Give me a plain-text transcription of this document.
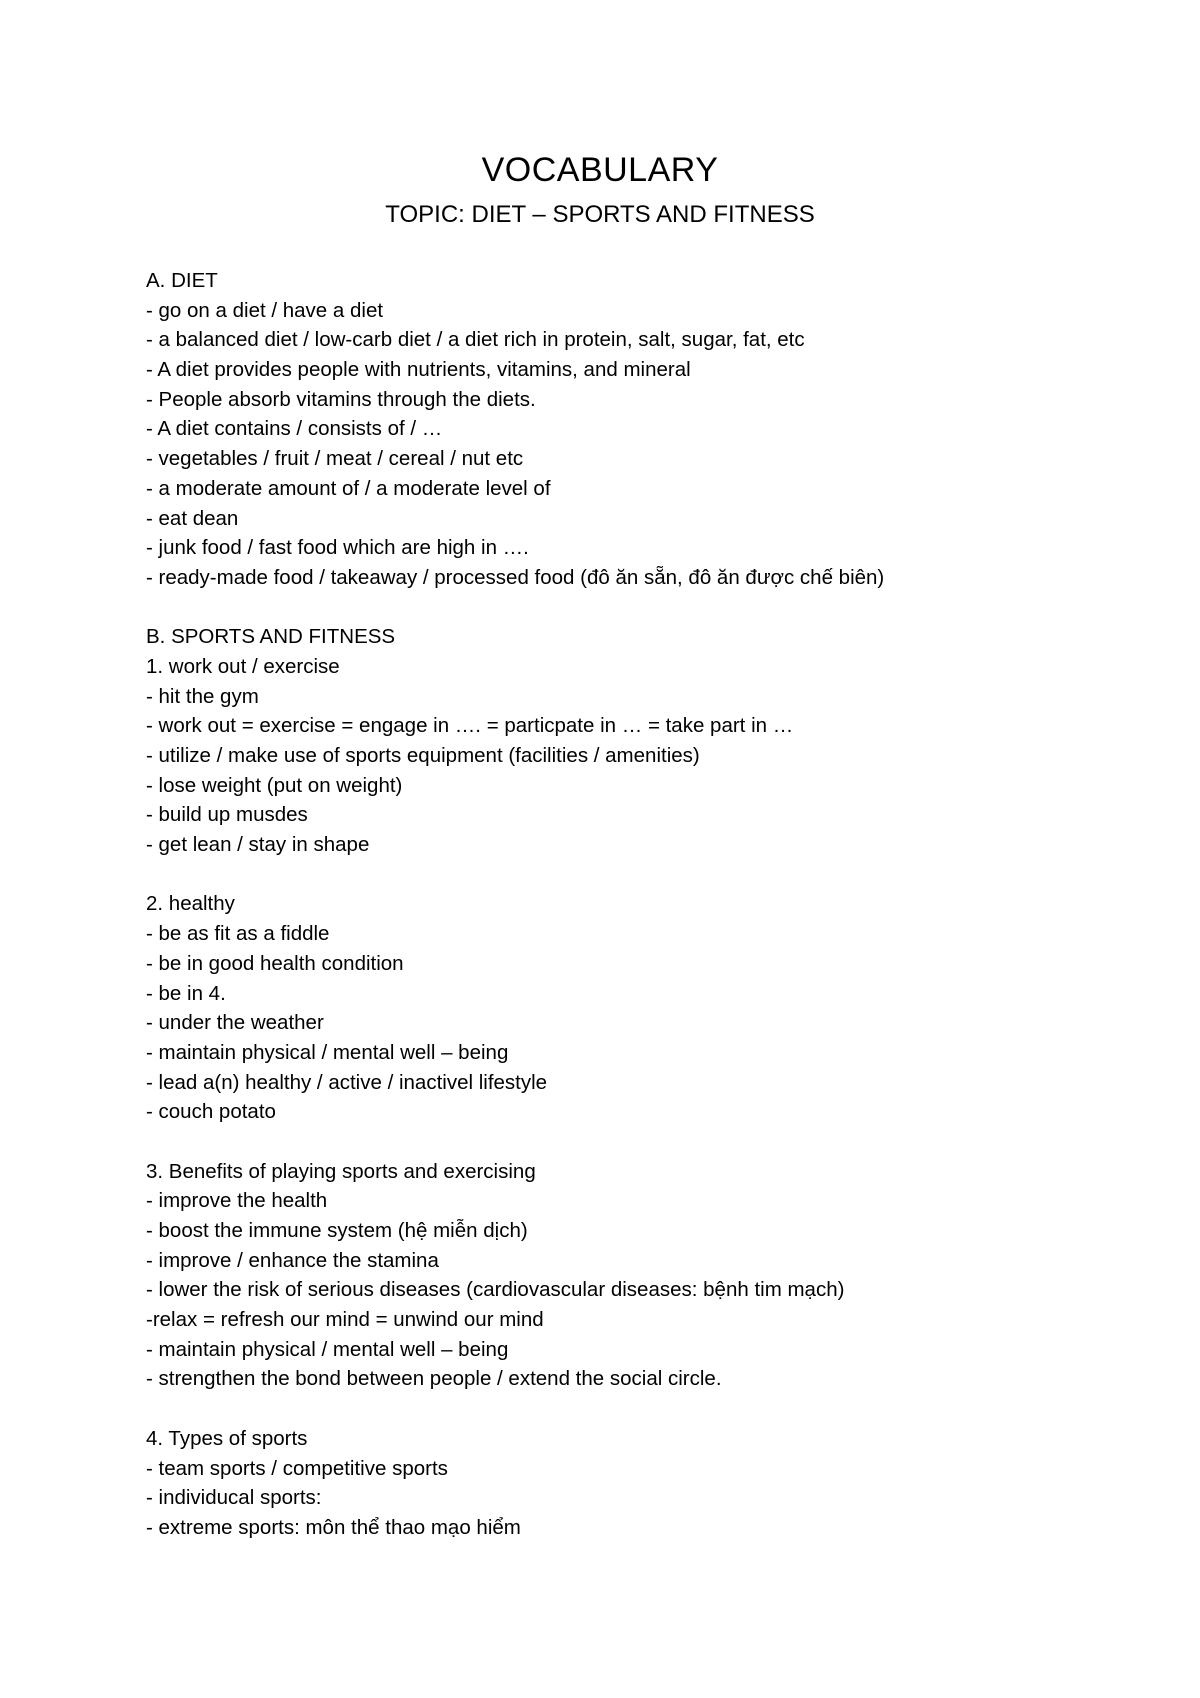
VOCABULARY
TOPIC: DIET – SPORTS AND FITNESS
A. DIET
- go on a diet / have a diet
- a balanced diet / low-carb diet / a diet rich in protein, salt, sugar, fat, etc
- A diet provides people with nutrients, vitamins, and mineral
- People absorb vitamins through the diets.
- A diet contains / consists of / …
- vegetables / fruit / meat / cereal / nut etc
- a moderate amount of / a moderate level of
- eat dean
- junk food / fast food which are high in ….
- ready-made food / takeaway / processed food (đô ăn sẵn, đô ăn được chế biên)
B. SPORTS AND FITNESS
1. work out / exercise
- hit the gym
- work out = exercise = engage in …. = particpate in … = take part in …
- utilize / make use of sports equipment (facilities / amenities)
- lose weight (put on weight)
- build up musdes
- get lean / stay in shape
2. healthy
- be as fit as a fiddle
- be in good health condition
- be in 4.
- under the weather
- maintain physical / mental well – being
- lead a(n) healthy / active / inactivel lifestyle
- couch potato
3. Benefits of playing sports and exercising
- improve the health
- boost the immune system (hệ miễn dịch)
- improve / enhance the stamina
- lower the risk of serious diseases (cardiovascular diseases: bệnh tim mạch)
-relax = refresh our mind = unwind our mind
- maintain physical / mental well – being
- strengthen the bond between people / extend the social circle.
4. Types of sports
- team sports / competitive sports
- individucal sports:
- extreme sports: môn thể thao mạo hiểm
